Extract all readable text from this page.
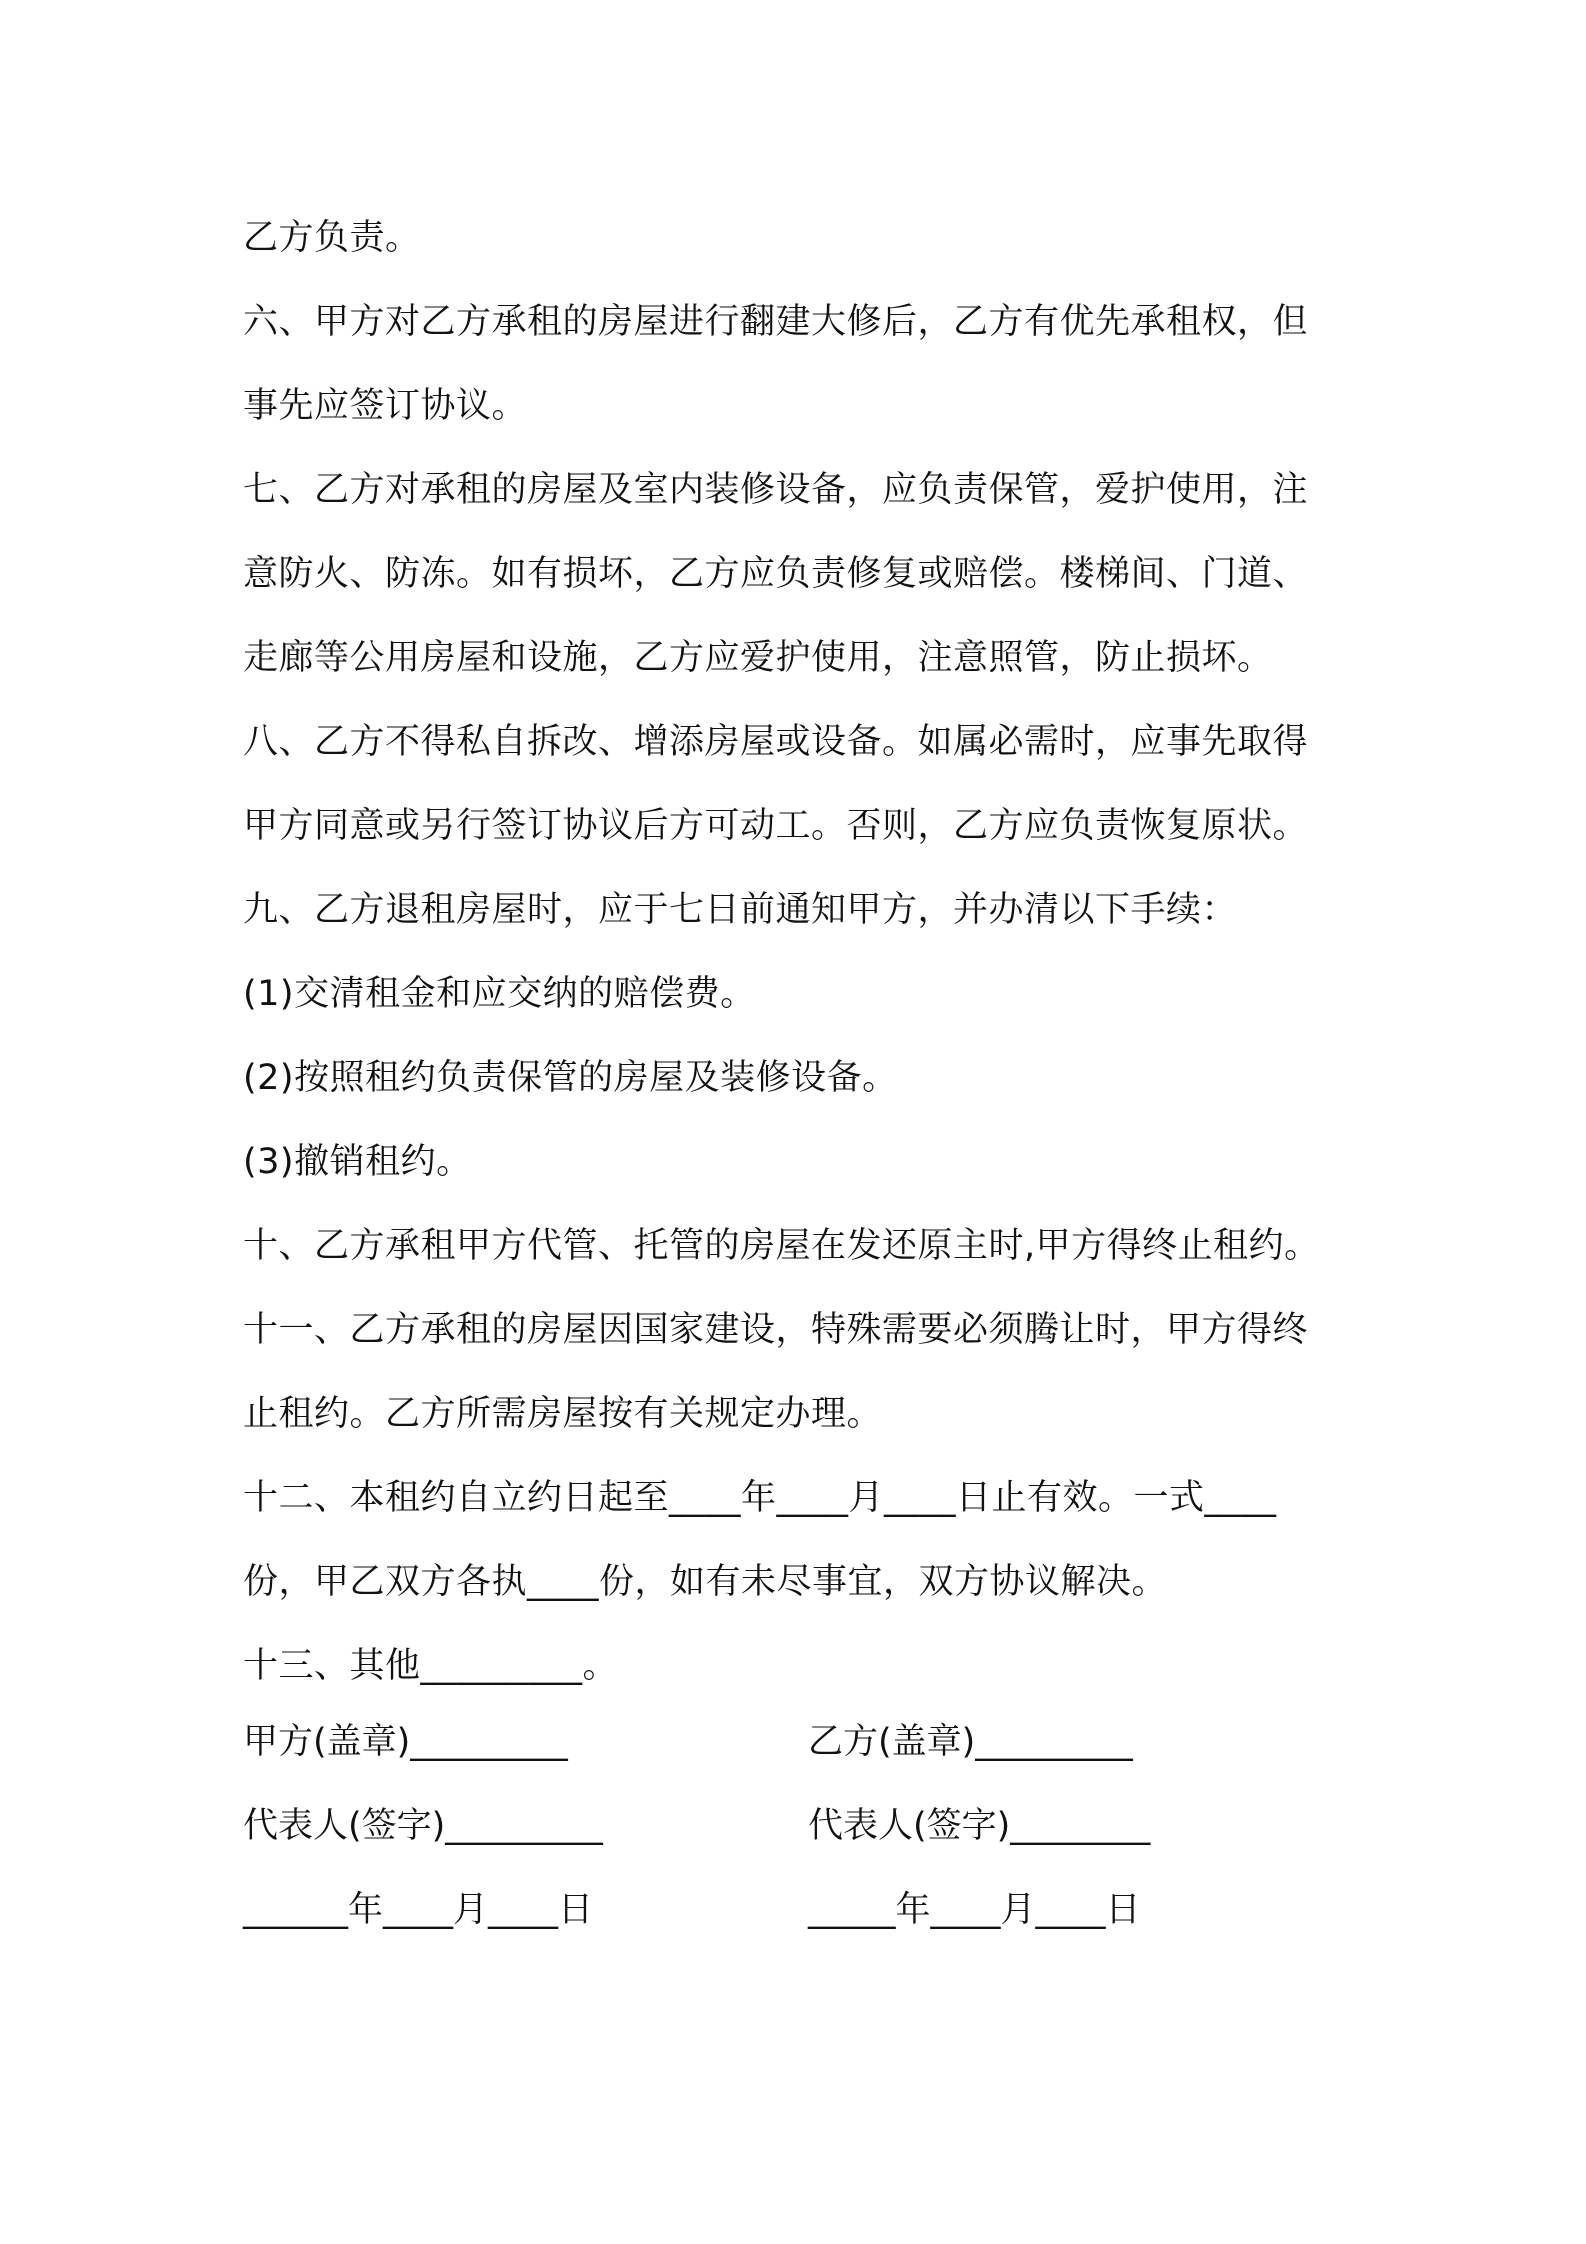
乙方负责。
六、甲方对乙方承租的房屋进行翻建大修后，乙方有优先承租权，但
事先应签订协议。
七、乙方对承租的房屋及室内装修设备，应负责保管，爱护使用，注
意防火、防冻。如有损坏，乙方应负责修复或赔偿。楼梯间、门道、
走廊等公用房屋和设施，乙方应爱护使用，注意照管，防止损坏。
八、乙方不得私自拆改、增添房屋或设备。如属必需时，应事先取得
甲方同意或另行签订协议后方可动工。否则，乙方应负责恢复原状。
九、乙方退租房屋时，应于七日前通知甲方，并办清以下手续：
(1)交清租金和应交纳的赔偿费。
(2)按照租约负责保管的房屋及装修设备。
(3)撤销租约。
十、乙方承租甲方代管、托管的房屋在发还原主时,甲方得终止租约。
十一、乙方承租的房屋因国家建设，特殊需要必须腾让时，甲方得终
止租约。乙方所需房屋按有关规定办理。
十二、本租约自立约日起至____年____月____日止有效。一式____
份，甲乙双方各执____份，如有未尽事宜，双方协议解决。
十三、其他_________。
甲方(盖章)_________	乙方(盖章)_________
代表人(签字)_________	代表人(签字)________
______年____月____日	_____年____月____日
